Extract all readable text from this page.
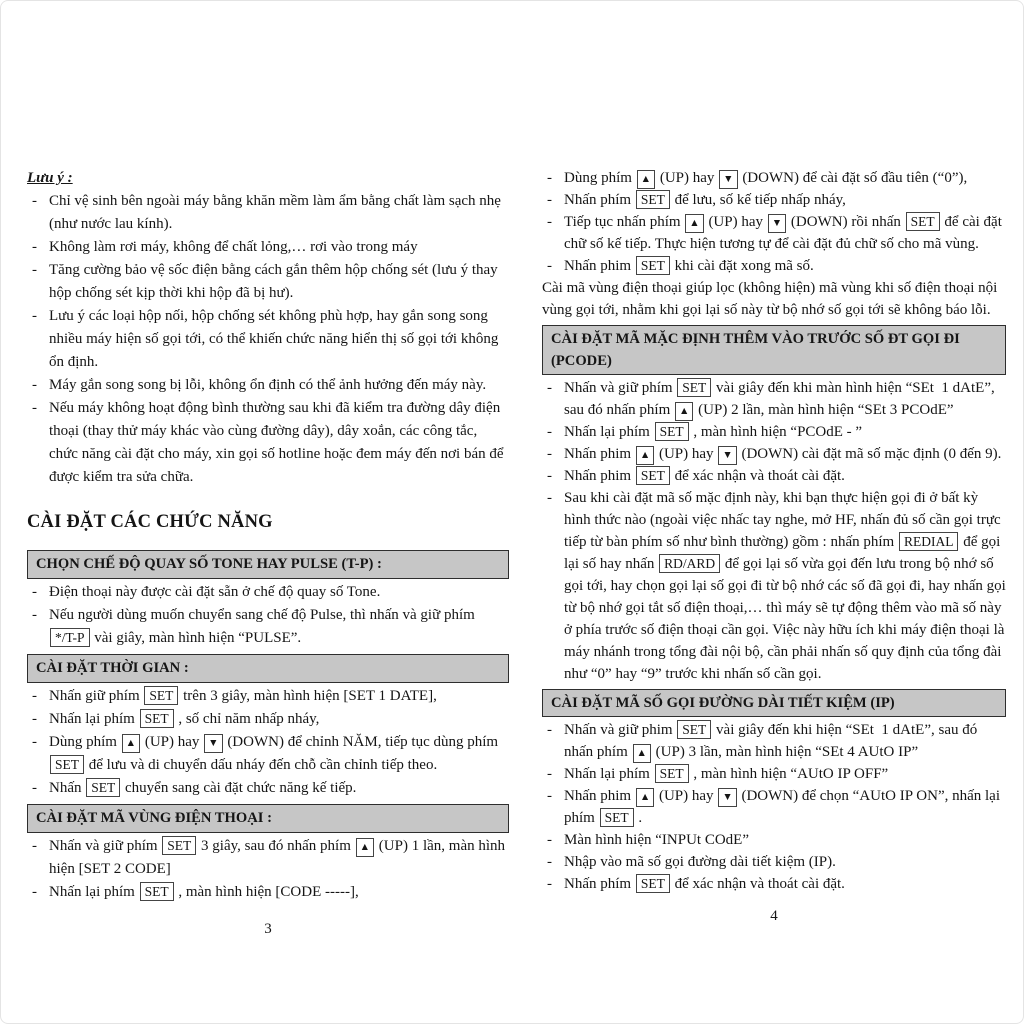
Lưu ý :
- Chỉ vệ sinh bên ngoài máy bằng khăn mềm làm ẩm bằng chất làm sạch nhẹ (như nước lau kính).
- Không làm rơi máy, không để chất lỏng,… rơi vào trong máy
- Tăng cường bảo vệ sốc điện bằng cách gắn thêm hộp chống sét (lưu ý thay hộp chống sét kịp thời khi hộp đã bị hư).
- Lưu ý các loại hộp nối, hộp chống sét không phù hợp, hay gắn song song nhiều máy hiện số gọi tới, có thể khiến chức năng hiển thị số gọi tới không ổn định.
- Máy gắn song song bị lỗi, không ổn định có thể ảnh hưởng đến máy này.
- Nếu máy không hoạt động bình thường sau khi đã kiểm tra đường dây điện thoại (thay thử máy khác vào cùng đường dây), dây xoắn, các công tắc, chức năng cài đặt cho máy, xin gọi số hotline hoặc đem máy đến nơi bán để được kiểm tra sửa chữa.
CÀI ĐẶT CÁC CHỨC NĂNG
CHỌN CHẾ ĐỘ QUAY SỐ TONE HAY PULSE (T-P) :
- Điện thoại này được cài đặt sẵn ở chế độ quay số Tone.
- Nếu người dùng muốn chuyển sang chế độ Pulse, thì nhấn và giữ phím */T-P vài giây, màn hình hiện “PULSE”.
CÀI ĐẶT THỜI GIAN :
- Nhấn giữ phím SET trên 3 giây, màn hình hiện [SET 1 DATE],
- Nhấn lại phím SET , số chỉ năm nhấp nháy,
- Dùng phím ▲ (UP) hay ▼ (DOWN) để chỉnh NĂM, tiếp tục dùng phím SET để lưu và di chuyển dấu nháy đến chỗ cần chỉnh tiếp theo.
- Nhấn SET chuyển sang cài đặt chức năng kế tiếp.
CÀI ĐẶT MÃ VÙNG ĐIỆN THOẠI :
- Nhấn và giữ phím SET 3 giây, sau đó nhấn phím ▲ (UP) 1 lần, màn hình hiện [SET 2 CODE]
- Nhấn lại phím SET , màn hình hiện [CODE -----],
3
- Dùng phím ▲ (UP) hay ▼ (DOWN) để cài đặt số đầu tiên (“0”),
- Nhấn phím SET để lưu, số kế tiếp nhấp nháy,
- Tiếp tục nhấn phím ▲ (UP) hay ▼ (DOWN) rồi nhấn SET để cài đặt chữ số kế tiếp. Thực hiện tương tự để cài đặt đủ chữ số cho mã vùng.
- Nhấn phim SET khi cài đặt xong mã số.

Cài mã vùng điện thoại giúp lọc (không hiện) mã vùng khi số điện thoại nội vùng gọi tới, nhằm khi gọi lại số này từ bộ nhớ số gọi tới sẽ không báo lỗi.

CÀI ĐẶT MÃ MẶC ĐỊNH THÊM VÀO TRƯỚC SỐ ĐT GỌI ĐI (PCODE)
- Nhấn và giữ phím SET vài giây đến khi màn hình hiện “SEt  1 dAtE”, sau đó nhấn phím ▲ (UP) 2 lần, màn hình hiện “SEt 3 PCOdE”
- Nhấn lại phím SET , màn hình hiện “PCOdE - ”
- Nhấn phim ▲ (UP) hay ▼ (DOWN) cài đặt mã số mặc định (0 đến 9).
- Nhấn phim SET để xác nhận và thoát cài đặt.
- Sau khi cài đặt mã số mặc định này, khi bạn thực hiện gọi đi ở bất kỳ hình thức nào (ngoài việc nhấc tay nghe, mở HF, nhấn đủ số cần gọi trực tiếp từ bàn phím số như bình thường) gồm : nhấn phím REDIAL để gọi lại số hay nhấn RD/ARD để gọi lại số vừa gọi đến lưu trong bộ nhớ số gọi tới, hay chọn gọi lại số gọi đi từ bộ nhớ các số đã gọi đi, hay nhấn gọi từ bộ nhớ gọi tắt số điện thoại,… thì máy sẽ tự động thêm vào mã số này ở phía trước số điện thoại cần gọi. Việc này hữu ích khi máy điện thoại là máy nhánh trong tổng đài nội bộ, cần phải nhấn số quy định của tổng đài như “0” hay “9” trước khi nhấn số cần gọi.
CÀI ĐẶT MÃ SỐ GỌI ĐƯỜNG DÀI TIẾT KIỆM (IP)
- Nhấn và giữ phim SET vài giây đến khi hiện “SEt  1 dAtE”, sau đó nhấn phím ▲ (UP) 3 lần, màn hình hiện “SEt 4 AUtO IP”
- Nhấn lại phím SET , màn hình hiện “AUtO IP OFF”
- Nhấn phim ▲ (UP) hay ▼ (DOWN) để chọn “AUtO IP ON”, nhấn lại phím SET .
- Màn hình hiện “INPUt COdE”
- Nhập vào mã số gọi đường dài tiết kiệm (IP).
- Nhấn phím SET để xác nhận và thoát cài đặt.
4
